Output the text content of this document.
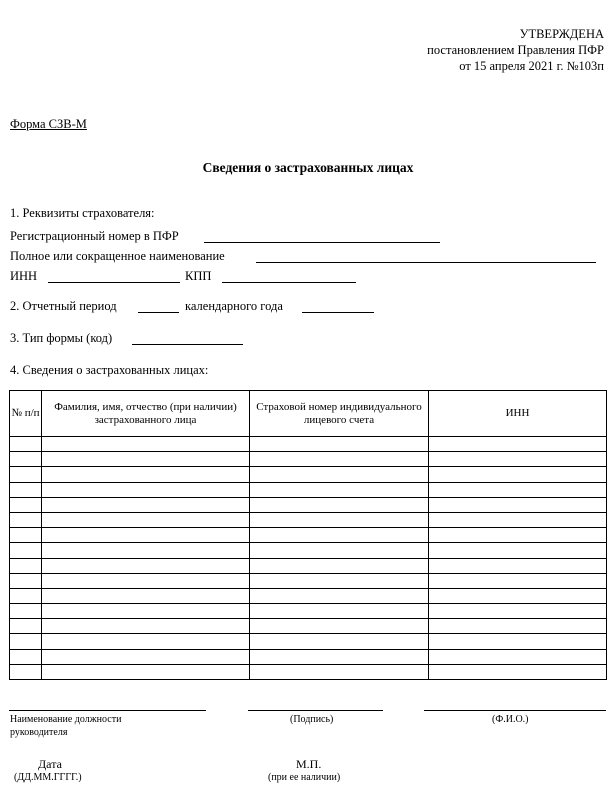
УТВЕРЖДЕНА
постановлением Правления ПФР
от 15 апреля 2021 г. №103п
Форма СЗВ-М
Сведения о застрахованных лицах
1. Реквизиты страхователя:
Регистрационный номер в ПФР
Полное или сокращенное наименование
ИНН	КПП
2. Отчетный период	календарного года
3. Тип формы (код)
4. Сведения о застрахованных лицах:
№ п/п	Фамилия, имя, отчество (при наличии) застрахованного лица	Страховой номер индивидуального лицевого счета	ИНН

Наименование должности руководителя
(Подпись)	(Ф.И.О.)
Дата
(ДД.ММ.ГГГГ.)
М.П.
(при ее наличии)
